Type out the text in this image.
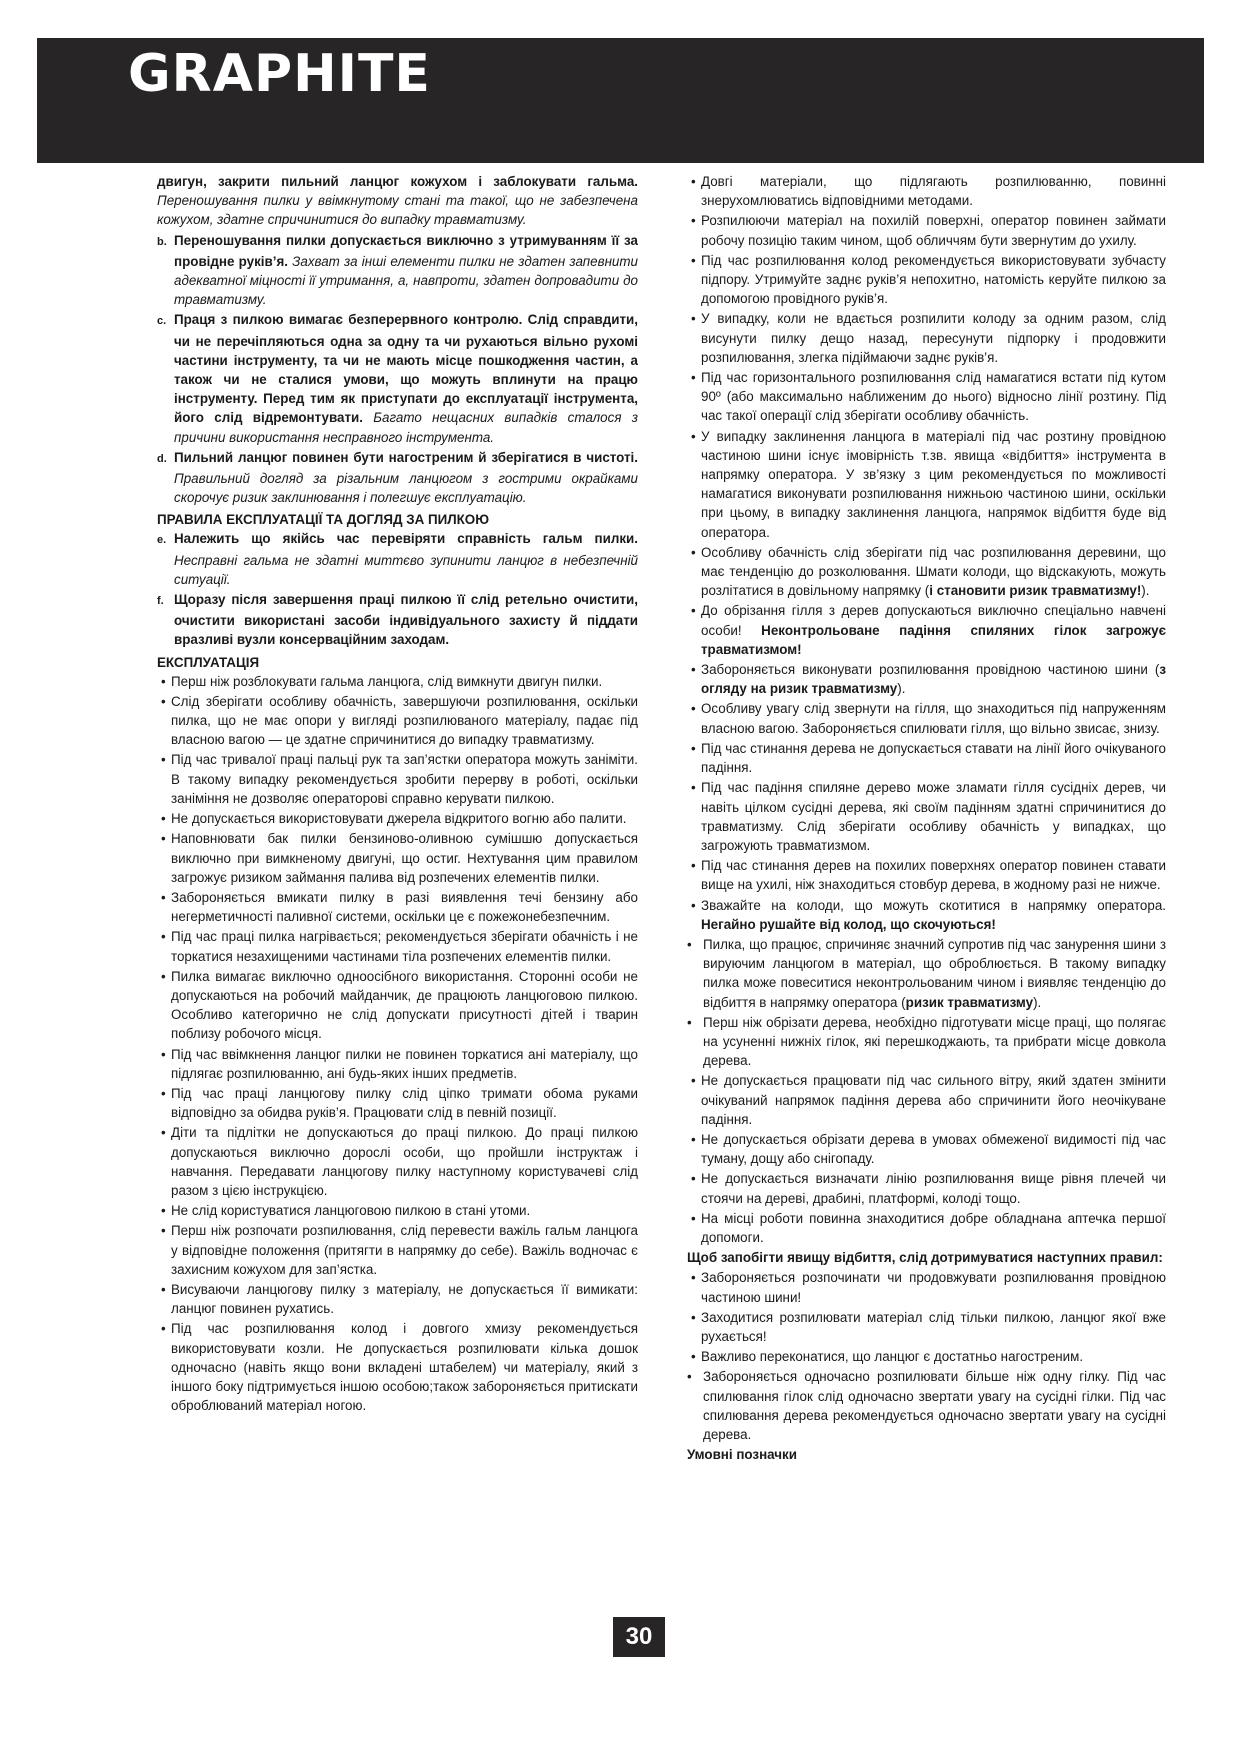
GRAPHITE

двигун, закрити пильний ланцюг кожухом і заблокувати гальма. Переношування пилки у ввімкнутому стані та такої, що не забезпечена кожухом, здатне спричинитися до випадку травматизму.

b. Переношування пилки допускається виключно з утримуванням її за провідне руків’я. Захват за інші елементи пилки не здатен запевнити адекватної міцності її утримання, а, навпроти, здатен допровадити до травматизму.

c. Праця з пилкою вимагає безперервного контролю. Слід справдити, чи не перечіпляються одна за одну та чи рухаються вільно рухомі частини інструменту, та чи не мають місце пошкодження частин, а також чи не сталися умови, що можуть вплинути на працю інструменту. Перед тим як приступати до експлуатації інструмента, його слід відремонтувати. Багато нещасних випадків сталося з причини використання несправного інструмента.

d. Пильний ланцюг повинен бути нагостреним й зберігатися в чистоті. Правильний догляд за різальним ланцюгом з гострими окрайками скорочує ризик заклинювання і полегшує експлуатацію.

ПРАВИЛА ЕКСПЛУАТАЦІЇ ТА ДОГЛЯД ЗА ПИЛКОЮ

e. Належить що якійсь час перевіряти справність гальм пилки. Несправні гальма не здатні миттєво зупинити ланцюг в небезпечній ситуації.

f. Щоразу після завершення праці пилкою її слід ретельно очистити, очистити використані засоби індивідуального захисту й піддати вразливі вузли консерваційним заходам.

ЕКСПЛУАТАЦІЯ

• Перш ніж розблокувати гальма ланцюга, слід вимкнути двигун пилки.

• Слід зберігати особливу обачність, завершуючи розпилювання, оскільки пилка, що не має опори у вигляді розпилюваного матеріалу, падає під власною вагою — це здатне спричинитися до випадку травматизму.

• Під час тривалої праці пальці рук та зап’ястки оператора можуть заніміти. В такому випадку рекомендується зробити перерву в роботі, оскільки заніміння не дозволяє операторові справно керувати пилкою.

• Не допускається використовувати джерела відкритого вогню або палити.

• Наповнювати бак пилки бензиново-оливною сумішшю допускається виключно при вимкненому двигуні, що остиг. Нехтування цим правилом загрожує ризиком займання палива від розпечених елементів пилки.

• Забороняється вмикати пилку в разі виявлення течі бензину або негерметичності паливної системи, оскільки це є пожежонебезпечним.

• Під час праці пилка нагрівається; рекомендується зберігати обачність і не торкатися незахищеними частинами тіла розпечених елементів пилки.

• Пилка вимагає виключно одноосібного використання. Сторонні особи не допускаються на робочий майданчик, де працюють ланцюговою пилкою. Особливо категорично не слід допускати присутності дітей і тварин поблизу робочого місця.

• Під час ввімкнення ланцюг пилки не повинен торкатися ані матеріалу, що підлягає розпилюванню, ані будь-яких інших предметів.

• Під час праці ланцюгову пилку слід ціпко тримати обома руками відповідно за обидва руків’я. Працювати слід в певній позиції.

• Діти та підлітки не допускаються до праці пилкою. До праці пилкою допускаються виключно дорослі особи, що пройшли інструктаж і навчання. Передавати ланцюгову пилку наступному користувачеві слід разом з цією інструкцією.

• Не слід користуватися ланцюговою пилкою в стані утоми.

• Перш ніж розпочати розпилювання, слід перевести важіль гальм ланцюга у відповідне положення (притягти в напрямку до себе). Важіль водночас є захисним кожухом для зап’ястка.

• Висуваючи ланцюгову пилку з матеріалу, не допускається її вимикати: ланцюг повинен рухатись.

• Під час розпилювання колод і довгого хмизу рекомендується використовувати козли. Не допускається розпилювати кілька дошок одночасно (навіть якщо вони вкладені штабелем) чи матеріалу, який з іншого боку підтримується іншою особою;також забороняється притискати оброблюваний матеріал ногою.

• Довгі матеріали, що підлягають розпилюванню, повинні знерухомлюватись відповідними методами.

• Розпилюючи матеріал на похилій поверхні, оператор повинен займати робочу позицію таким чином, щоб обличчям бути звернутим до ухилу.

• Під час розпилювання колод рекомендується використовувати зубчасту підпору. Утримуйте заднє руків’я непохитно, натомість керуйте пилкою за допомогою провідного руків’я.

• У випадку, коли не вдається розпилити колоду за одним разом, слід висунути пилку дещо назад, пересунути підпорку і продовжити розпилювання, злегка підіймаючи заднє руків’я.

• Під час горизонтального розпилювання слід намагатися встати під кутом 90º (або максимально наближеним до нього) відносно лінії розтину. Під час такої операції слід зберігати особливу обачність.

• У випадку заклинення ланцюга в матеріалі під час розтину провідною частиною шини існує імовірність т.зв. явища «відбиття» інструмента в напрямку оператора. У зв’язку з цим рекомендується по можливості намагатися виконувати розпилювання нижньою частиною шини, оскільки при цьому, в випадку заклинення ланцюга, напрямок відбиття буде від оператора.

• Особливу обачність слід зберігати під час розпилювання деревини, що має тенденцію до розколювання. Шмати колоди, що відскакують, можуть розлітатися в довільному напрямку (і становити ризик травматизму!).

• До обрізання гілля з дерев допускаються виключно спеціально навчені особи! Неконтрольоване падіння спиляних гілок загрожує травматизмом!

• Забороняється виконувати розпилювання провідною частиною шини (з огляду на ризик травматизму).

• Особливу увагу слід звернути на гілля, що знаходиться під напруженням власною вагою. Забороняється спилювати гілля, що вільно звисає, знизу.

• Під час стинання дерева не допускається ставати на лінії його очікуваного падіння.

• Під час падіння спиляне дерево може зламати гілля сусідніх дерев, чи навіть цілком сусідні дерева, які своїм падінням здатні спричинитися до травматизму. Слід зберігати особливу обачність у випадках, що загрожують травматизмом.

• Під час стинання дерев на похилих поверхнях оператор повинен ставати вище на ухилі, ніж знаходиться стовбур дерева, в жодному разі не нижче.

• Зважайте на колоди, що можуть скотитися в напрямку оператора. Негайно рушайте від колод, що скочуються!

• Пилка, що працює, спричиняє значний супротив під час занурення шини з вируючим ланцюгом в матеріал, що оброблюється. В такому випадку пилка може повеситися неконтрольованим чином і виявляє тенденцію до відбиття в напрямку оператора (ризик травматизму).

• Перш ніж обрізати дерева, необхідно підготувати місце праці, що полягає на усуненні нижніх гілок, які перешкоджають, та прибрати місце довкола дерева.

• Не допускається працювати під час сильного вітру, який здатен змінити очікуваний напрямок падіння дерева або спричинити його неочікуване падіння.

• Не допускається обрізати дерева в умовах обмеженої видимості під час туману, дощу або снігопаду.

• Не допускається визначати лінію розпилювання вище рівня плечей чи стоячи на дереві, драбині, платформі, колоді тощо.

• На місці роботи повинна знаходитися добре обладнана аптечка першої допомоги.

Щоб запобігти явищу відбиття, слід дотримуватися наступних правил:

• Забороняється розпочинати чи продовжувати розпилювання провідною частиною шини!

• Заходитися розпилювати матеріал слід тільки пилкою, ланцюг якої вже рухається!

• Важливо переконатися, що ланцюг є достатньо нагостреним.

• Забороняється одночасно розпилювати більше ніж одну гілку. Під час спилювання гілок слід одночасно звертати увагу на сусідні гілки. Під час спилювання дерева рекомендується одночасно звертати увагу на сусідні дерева.

Умовні позначки

30
